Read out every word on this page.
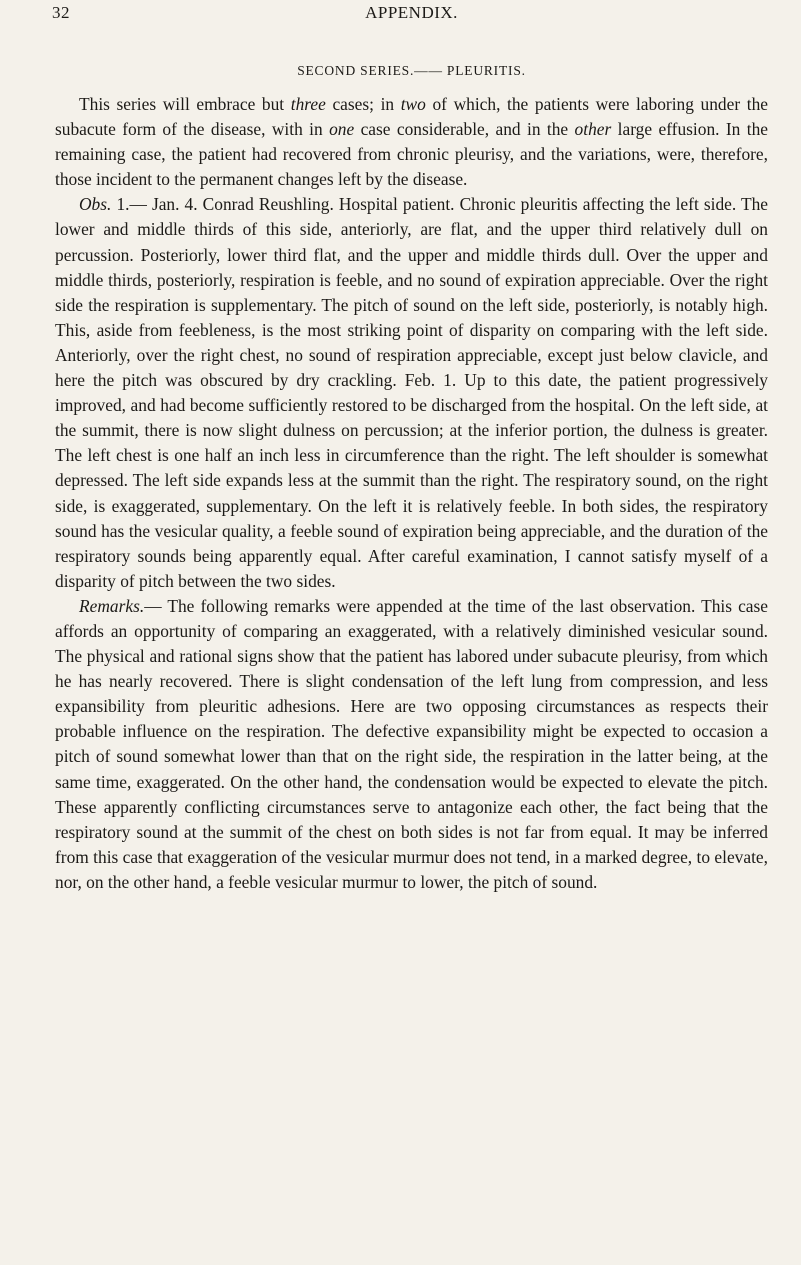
32	APPENDIX.
SECOND SERIES.—— PLEURITIS.

This series will embrace but three cases; in two of which, the patients were laboring under the subacute form of the disease, with in one case considerable, and in the other large effusion. In the remaining case, the patient had recovered from chronic pleurisy, and the variations, were, therefore, those incident to the permanent changes left by the disease.

Obs. 1.— Jan. 4. Conrad Reushling. Hospital patient. Chronic pleuritis affecting the left side. The lower and middle thirds of this side, anteriorly, are flat, and the upper third relatively dull on percussion. Posteriorly, lower third flat, and the upper and middle thirds dull. Over the upper and middle thirds, posteriorly, respiration is feeble, and no sound of expiration appreciable. Over the right side the respiration is supplementary. The pitch of sound on the left side, posteriorly, is notably high. This, aside from feebleness, is the most striking point of disparity on comparing with the left side. Anteriorly, over the right chest, no sound of respiration appreciable, except just below clavicle, and here the pitch was obscured by dry crackling. Feb. 1. Up to this date, the patient progressively improved, and had become sufficiently restored to be discharged from the hospital. On the left side, at the summit, there is now slight dulness on percussion; at the inferior portion, the dulness is greater. The left chest is one half an inch less in circumference than the right. The left shoulder is somewhat depressed. The left side expands less at the summit than the right. The respiratory sound, on the right side, is exaggerated, supplementary. On the left it is relatively feeble. In both sides, the respiratory sound has the vesicular quality, a feeble sound of expiration being appreciable, and the duration of the respiratory sounds being apparently equal. After careful examination, I cannot satisfy myself of a disparity of pitch between the two sides.

Remarks.— The following remarks were appended at the time of the last observation. This case affords an opportunity of comparing an exaggerated, with a relatively diminished vesicular sound. The physical and rational signs show that the patient has labored under subacute pleurisy, from which he has nearly recovered. There is slight condensation of the left lung from compression, and less expansibility from pleuritic adhesions. Here are two opposing circumstances as respects their probable influence on the respiration. The defective expansibility might be expected to occasion a pitch of sound somewhat lower than that on the right side, the respiration in the latter being, at the same time, exaggerated. On the other hand, the condensation would be expected to elevate the pitch. These apparently conflicting circumstances serve to antagonize each other, the fact being that the respiratory sound at the summit of the chest on both sides is not far from equal. It may be inferred from this case that exaggeration of the vesicular murmur does not tend, in a marked degree, to elevate, nor, on the other hand, a feeble vesicular murmur to lower, the pitch of sound.
